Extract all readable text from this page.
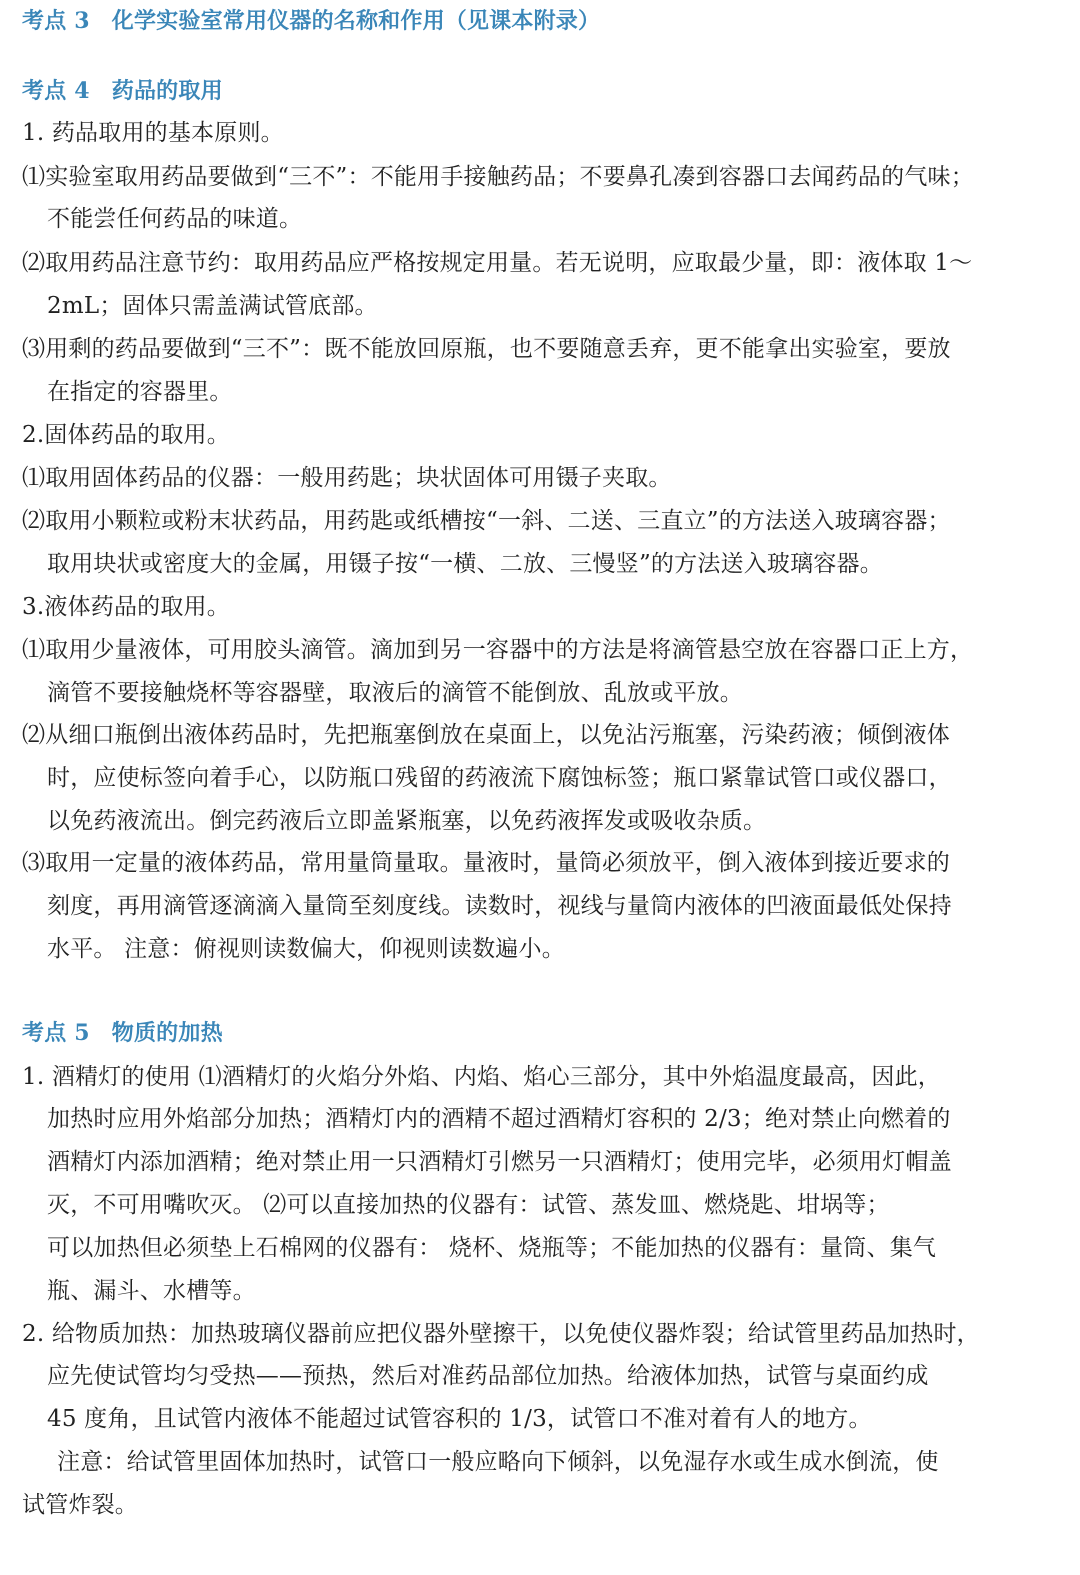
考点 3 化学实验室常用仪器的名称和作用（见课本附录）
考点 4 药品的取用
1. 药品取用的基本原则。
⑴实验室取用药品要做到“三不”：不能用手接触药品；不要鼻孔凑到容器口去闻药品的气味；
不能尝任何药品的味道。
⑵取用药品注意节约：取用药品应严格按规定用量。若无说明，应取最少量，即：液体取 1～
2mL；固体只需盖满试管底部。
⑶用剩的药品要做到“三不”：既不能放回原瓶，也不要随意丢弃，更不能拿出实验室，要放
在指定的容器里。
2.固体药品的取用。
⑴取用固体药品的仪器：一般用药匙；块状固体可用镊子夹取。
⑵取用小颗粒或粉末状药品，用药匙或纸槽按“一斜、二送、三直立”的方法送入玻璃容器；
取用块状或密度大的金属，用镊子按“一横、二放、三慢竖”的方法送入玻璃容器。
3.液体药品的取用。
⑴取用少量液体，可用胶头滴管。滴加到另一容器中的方法是将滴管悬空放在容器口正上方，
滴管不要接触烧杯等容器壁，取液后的滴管不能倒放、乱放或平放。
⑵从细口瓶倒出液体药品时，先把瓶塞倒放在桌面上，以免沾污瓶塞，污染药液；倾倒液体
时，应使标签向着手心，以防瓶口残留的药液流下腐蚀标签；瓶口紧靠试管口或仪器口，
以免药液流出。倒完药液后立即盖紧瓶塞，以免药液挥发或吸收杂质。
⑶取用一定量的液体药品，常用量筒量取。量液时，量筒必须放平，倒入液体到接近要求的
刻度，再用滴管逐滴滴入量筒至刻度线。读数时，视线与量筒内液体的凹液面最低处保持
水平。 注意：俯视则读数偏大，仰视则读数遍小。
考点 5 物质的加热
1. 酒精灯的使用 ⑴酒精灯的火焰分外焰、内焰、焰心三部分，其中外焰温度最高，因此，
加热时应用外焰部分加热；酒精灯内的酒精不超过酒精灯容积的 2/3；绝对禁止向燃着的
酒精灯内添加酒精；绝对禁止用一只酒精灯引燃另一只酒精灯；使用完毕，必须用灯帽盖
灭，不可用嘴吹灭。 ⑵可以直接加热的仪器有：试管、蒸发皿、燃烧匙、坩埚等；
可以加热但必须垫上石棉网的仪器有： 烧杯、烧瓶等；不能加热的仪器有：量筒、集气
瓶、漏斗、水槽等。
2. 给物质加热：加热玻璃仪器前应把仪器外壁擦干，以免使仪器炸裂；给试管里药品加热时，
应先使试管均匀受热——预热，然后对准药品部位加热。给液体加热，试管与桌面约成
45 度角，且试管内液体不能超过试管容积的 1/3，试管口不准对着有人的地方。
注意：给试管里固体加热时，试管口一般应略向下倾斜，以免湿存水或生成水倒流，使
试管炸裂。
